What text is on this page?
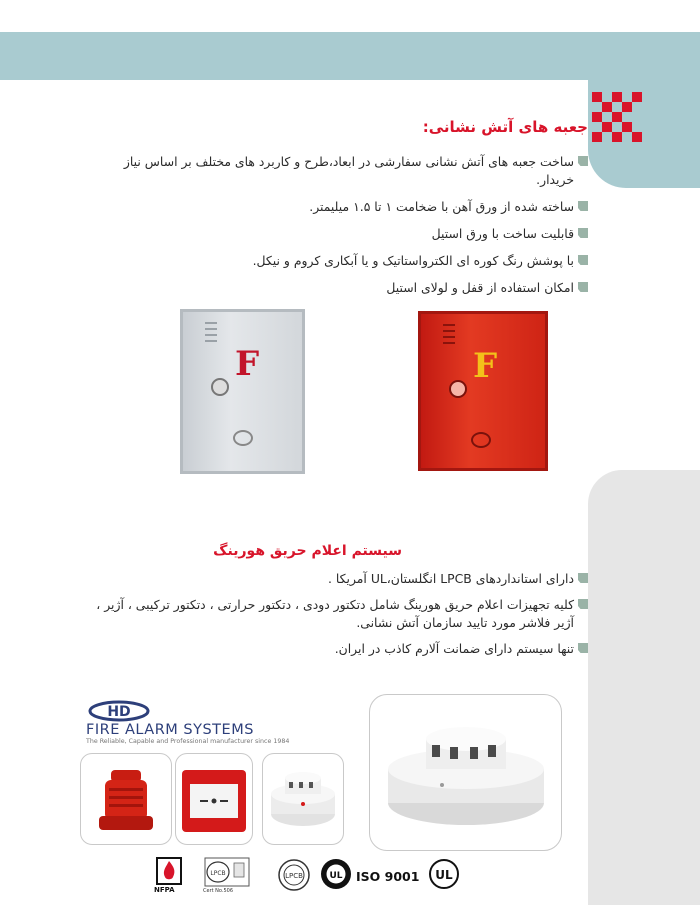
جعبه های آتش نشانی:
ساخت جعبه های آتش نشانی سفارشی در ابعاد،طرح و کاربرد های مختلف بر اساس نیاز خریدار.
ساخته شده از ورق آهن با ضخامت ۱ تا ۱.۵ میلیمتر.
قابلیت ساخت با ورق استیل
با پوشش رنگ کوره ای الکترواستاتیک و یا آبکاری کروم و نیکل.
امکان استفاده از قفل و لولای استیل
F	F
سیستم اعلام حریق هورینگ
دارای استانداردهای LPCB انگلستان،UL آمریکا .
کلیه تجهیزات اعلام حریق هورینگ شامل دتکتور دودی ، دتکتور حرارتی ، دتکتور ترکیبی ، آژیر ، آژیر فلاشر مورد تایید سازمان آتش نشانی.
تنها سیستم دارای ضمانت آلارم کاذب در ایران.
HD
FIRE ALARM SYSTEMS
The Reliable, Capable and Professional manufacturer since 1984
NFPA
LPCB
Cert No.506
LPCB	UL ISO 9001 UL
